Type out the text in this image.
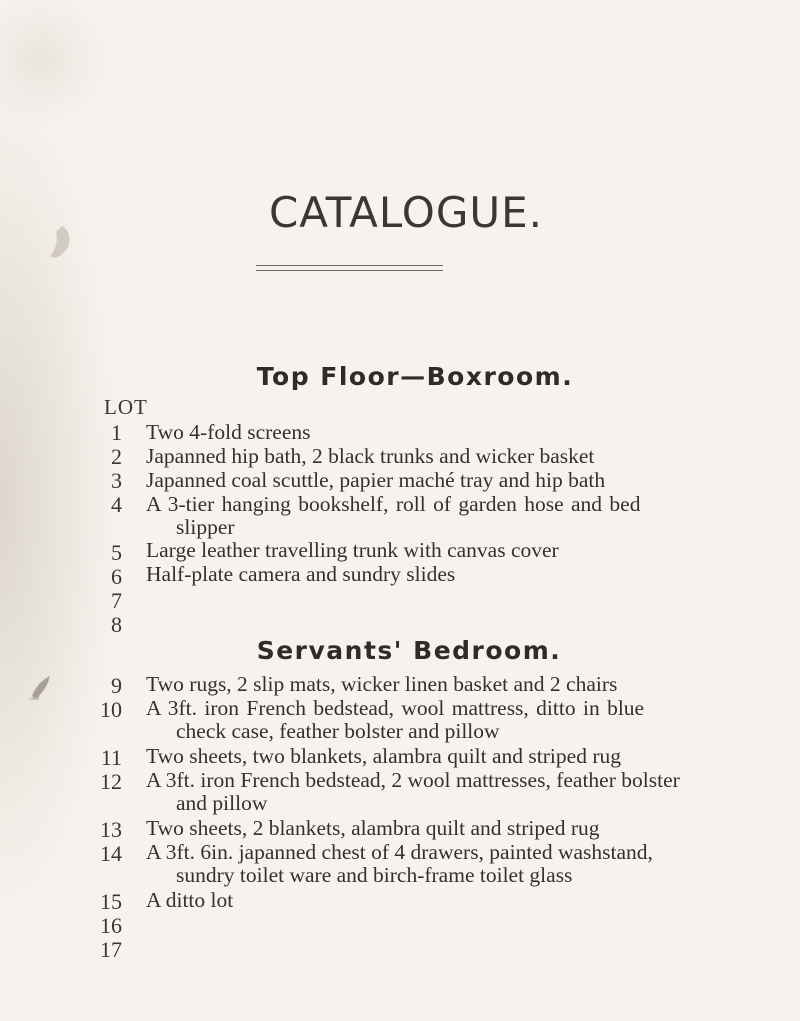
CATALOGUE.
Top Floor—Boxroom.
LOT
1 Two 4-fold screens
2 Japanned hip bath, 2 black trunks and wicker basket
3 Japanned coal scuttle, papier maché tray and hip bath
4 A 3-tier hanging bookshelf, roll of garden hose and bed
slipper
5 Large leather travelling trunk with canvas cover
6 Half-plate camera and sundry slides
7
8
Servants' Bedroom.
9 Two rugs, 2 slip mats, wicker linen basket and 2 chairs
10 A 3ft. iron French bedstead, wool mattress, ditto in blue
check case, feather bolster and pillow
11 Two sheets, two blankets, alambra quilt and striped rug
12 A 3ft. iron French bedstead, 2 wool mattresses, feather bolster
and pillow
13 Two sheets, 2 blankets, alambra quilt and striped rug
14 A 3ft. 6in. japanned chest of 4 drawers, painted washstand,
sundry toilet ware and birch-frame toilet glass
15 A ditto lot
16
17
